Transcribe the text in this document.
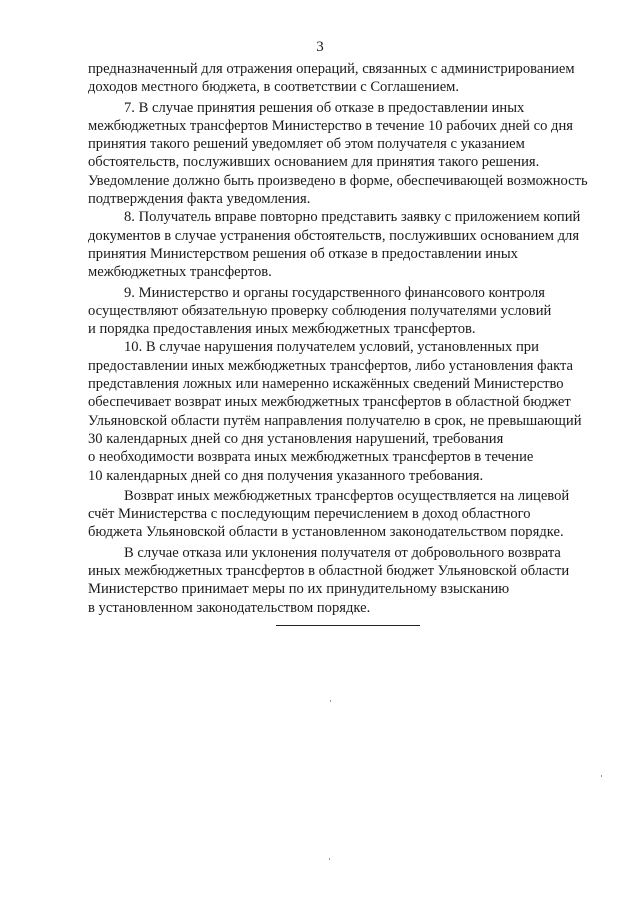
3

предназначенный для отражения операций, связанных с администрированием

доходов местного бюджета, в соответствии с Соглашением.

7. В случае принятия решения об отказе в предоставлении иных

межбюджетных трансфертов Министерство в течение 10 рабочих дней со дня

принятия такого решений уведомляет об этом получателя с указанием

обстоятельств, послуживших основанием для принятия такого решения.

Уведомление должно быть произведено в форме, обеспечивающей возможность

подтверждения факта уведомления.

8. Получатель вправе повторно представить заявку с приложением копий

документов в случае устранения обстоятельств, послуживших основанием для

принятия Министерством решения об отказе в предоставлении иных

межбюджетных трансфертов.

9. Министерство и органы государственного финансового контроля

осуществляют обязательную проверку соблюдения получателями условий

и порядка предоставления иных межбюджетных трансфертов.

10. В случае нарушения получателем условий, установленных при

предоставлении иных межбюджетных трансфертов, либо установления факта

представления ложных или намеренно искажённых сведений Министерство

обеспечивает возврат иных межбюджетных трансфертов в областной бюджет

Ульяновской области путём направления получателю в срок, не превышающий

30 календарных дней со дня установления нарушений, требования

о необходимости возврата иных межбюджетных трансфертов в течение

10 календарных дней со дня получения указанного требования.

Возврат иных межбюджетных трансфертов осуществляется на лицевой

счёт Министерства с последующим перечислением в доход областного

бюджета Ульяновской области в установленном законодательством порядке.

В случае отказа или уклонения получателя от добровольного возврата

иных межбюджетных трансфертов в областной бюджет Ульяновской области

Министерство принимает меры по их принудительному взысканию

в установленном законодательством порядке.
